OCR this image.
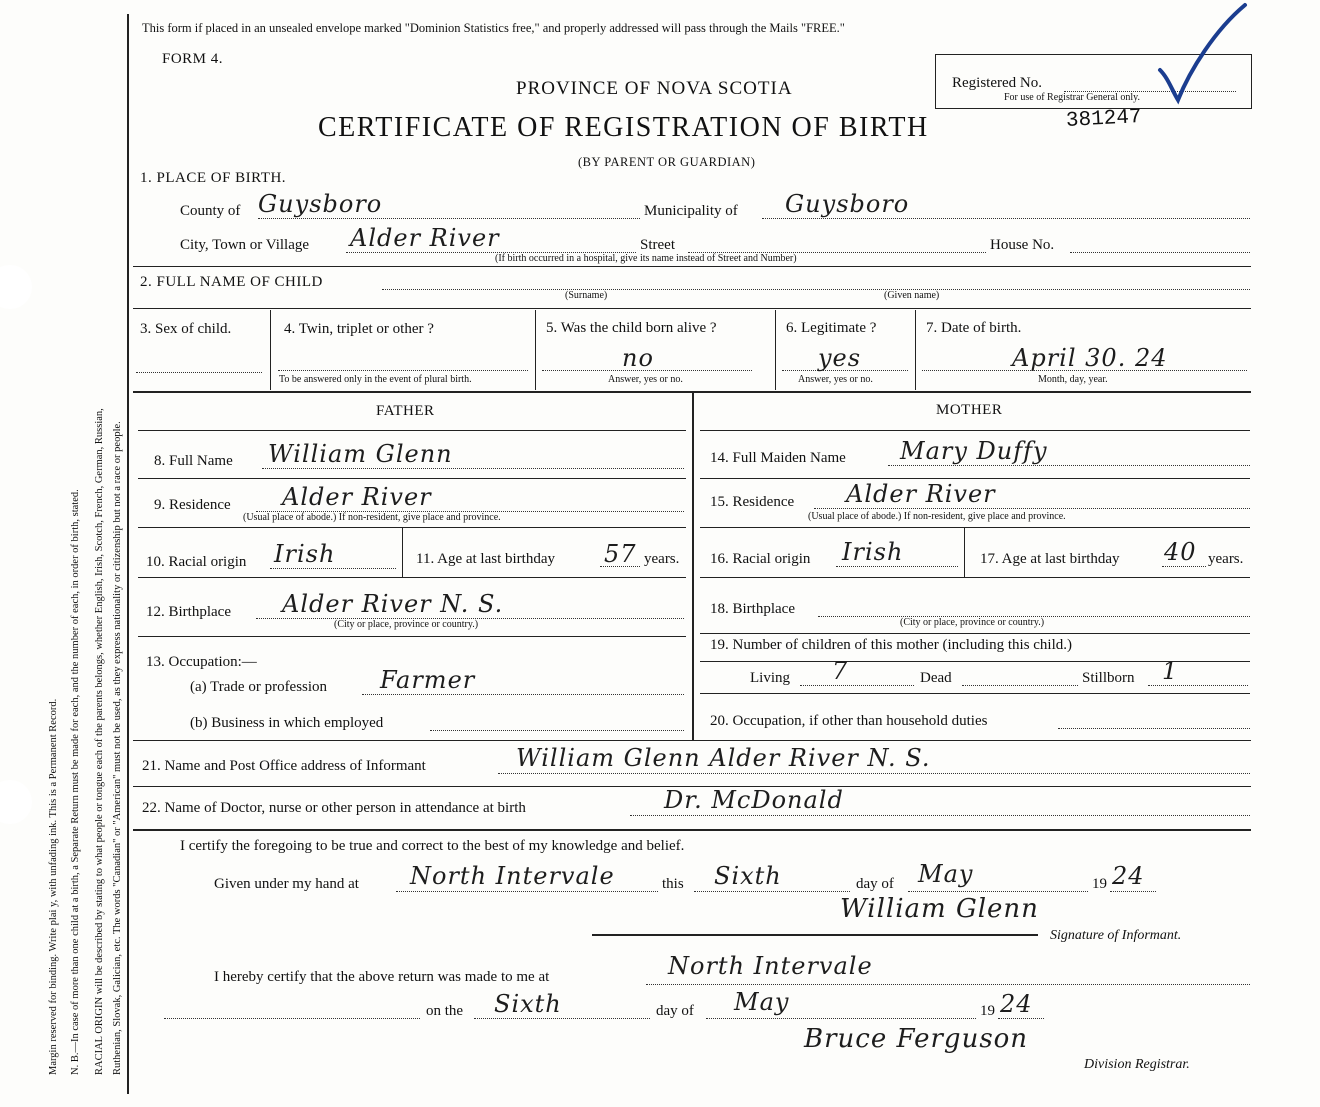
Margin reserved for binding. Write plai y, with unfading ink. This is a Permanent Record. N. B.—In case of more than one child at a birth, a Separate Return must be made for each, and the number of each, in order of birth, stated. RACIAL ORIGIN will be described by stating to what people or tongue each of the parents belongs, whether English, Irish, Scotch, French, German, Russian, Ruthenian, Slovak, Galician, etc. The words "Canadian" or "American" must not be used, as they express nationality or citizenship but not a race or people.
This form if placed in an unsealed envelope marked "Dominion Statistics free," and properly addressed will pass through the Mails "FREE."
FORM 4.
PROVINCE OF NOVA SCOTIA
CERTIFICATE OF REGISTRATION OF BIRTH	381247
(BY PARENT OR GUARDIAN)
Registered No.
For use of Registrar General only.
1. PLACE OF BIRTH.
County of Guysboro	Municipality of Guysboro
City, Town or Village Alder River	Street	House No.
(If birth occurred in a hospital, give its name instead of Street and Number)
2. FULL NAME OF CHILD
(Surname)	(Given name)
3. Sex of child.	4. Twin, triplet or other ?
To be answered only in the event of plural birth.
5. Was the child born alive ?
no
Answer, yes or no.
6. Legitimate ?
yes
Answer, yes or no.
7. Date of birth.
April 30. 24
Month, day, year.
FATHER	MOTHER
8. Full Name William Glenn
9. Residence Alder River
(Usual place of abode.) If non-resident, give place and province.
10. Racial origin Irish	11. Age at last birthday 57 years.
12. Birthplace Alder River N. S.
(City or place, province or country.)
13. Occupation:—
(a) Trade or profession Farmer
(b) Business in which employed
14. Full Maiden Name Mary Duffy
15. Residence Alder River
(Usual place of abode.) If non-resident, give place and province.
16. Racial origin Irish	17. Age at last birthday 40 years.
18. Birthplace
(City or place, province or country.)
19. Number of children of this mother (including this child.)
Living 7	Dead	Stillborn 1
20. Occupation, if other than household duties
21. Name and Post Office address of Informant	William Glenn Alder River N. S.
22. Name of Doctor, nurse or other person in attendance at birth	Dr. McDonald
I certify the foregoing to be true and correct to the best of my knowledge and belief.
Given under my hand at North Intervale	this Sixth	day of May	19 24
William Glenn
Signature of Informant.
I hereby certify that the above return was made to me at	North Intervale
on the Sixth	day of May	19 24
Bruce Ferguson
Division Registrar.
